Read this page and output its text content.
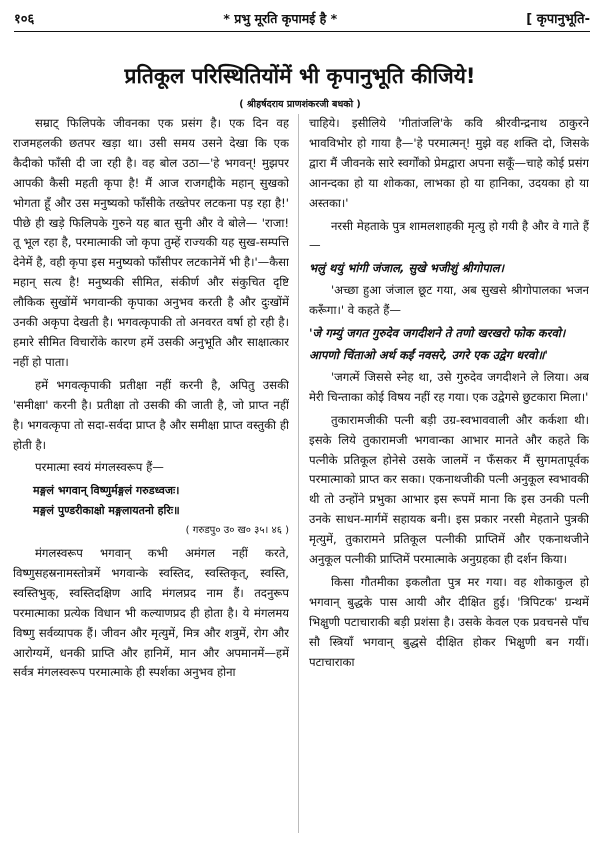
१०६	* प्रभु मूरति कृपामई है *	[ कृपानुभूति-
प्रतिकूल परिस्थितियोंमें भी कृपानुभूति कीजिये!
( श्रीहर्षदराय प्राणशंकरजी बधको )

सम्राट् फिलिपके जीवनका एक प्रसंग है। एक दिन वह राजमहलकी छतपर खड़ा था। उसी समय उसने देखा कि एक कैदीको फाँसी दी जा रही है। वह बोल उठा—'हे भगवन्! मुझपर आपकी कैसी महती कृपा है! मैं आज राजगद्दीके महान् सुखको भोगता हूँ और उस मनुष्यको फाँसीके तख्तेपर लटकना पड़ रहा है!' पीछे ही खड़े फिलिपके गुरुने यह बात सुनी और वे बोले— 'राजा! तू भूल रहा है, परमात्माकी जो कृपा तुम्हें राज्यकी यह सुख-सम्पत्ति देनेमें है, वही कृपा इस मनुष्यको फाँसीपर लटकानेमें भी है।'—कैसा महान् सत्य है! मनुष्यकी सीमित, संकीर्ण और संकुचित दृष्टि लौकिक सुखोंमें भगवान्की कृपाका अनुभव करती है और दुःखोंमें उनकी अकृपा देखती है। भगवत्कृपाकी तो अनवरत वर्षा हो रही है। हमारे सीमित विचारोंके कारण हमें उसकी अनुभूति और साक्षात्कार नहीं हो पाता।

हमें भगवत्कृपाकी प्रतीक्षा नहीं करनी है, अपितु उसकी 'समीक्षा' करनी है। प्रतीक्षा तो उसकी की जाती है, जो प्राप्त नहीं है। भगवत्कृपा तो सदा-सर्वदा प्राप्त है और समीक्षा प्राप्त वस्तुकी ही होती है।

परमात्मा स्वयं मंगलस्वरूप हैं—

मङ्गलं भगवान् विष्णुर्मङ्गलं गरुडध्वजः।

मङ्गलं पुण्डरीकाक्षो मङ्गलायतनो हरिः॥

( गरुडपु० उ० ख० ३५। ४६ )

मंगलस्वरूप भगवान् कभी अमंगल नहीं करते, विष्णुसहस्रनामस्तोत्रमें भगवान्के स्वस्तिद, स्वस्तिकृत्, स्वस्ति, स्वस्तिभुक्, स्वस्तिदक्षिण आदि मंगलप्रद नाम हैं। तदनुरूप परमात्माका प्रत्येक विधान भी कल्याणप्रद ही होता है। ये मंगलमय विष्णु सर्वव्यापक हैं। जीवन और मृत्युमें, मित्र और शत्रुमें, रोग और आरोग्यमें, धनकी प्राप्ति और हानिमें, मान और अपमानमें—हमें सर्वत्र मंगलस्वरूप परमात्माके ही स्पर्शका अनुभव होना

चाहिये। इसीलिये 'गीतांजलि'के कवि श्रीरवीन्द्रनाथ ठाकुरने भावविभोर हो गाया है—'हे परमात्मन्! मुझे वह शक्ति दो, जिसके द्वारा मैं जीवनके सारे स्वर्गोंको प्रेमद्वारा अपना सकूँ—चाहे कोई प्रसंग आनन्दका हो या शोकका, लाभका हो या हानिका, उदयका हो या अस्तका।'

नरसी मेहताके पुत्र शामलशाहकी मृत्यु हो गयी है और वे गाते हैं—

भलुं थयुं भांगी जंजाल, सुखे भजीशुं श्रीगोपाल।

'अच्छा हुआ जंजाल छूट गया, अब सुखसे श्रीगोपालका भजन करूँगा।' वे कहते हैं—

'जे गम्युं जगत गुरुदेव जगदीशने ते तणो खरखरो फोक करवो।

आपणो चिंताओ अर्थ कईं नवसरे, उगरे एक उद्वेग धरवो॥'

'जगत्में जिससे स्नेह था, उसे गुरुदेव जगदीशने ले लिया। अब मेरी चिन्ताका कोई विषय नहीं रह गया। एक उद्वेगसे छुटकारा मिला।'

तुकारामजीकी पत्नी बड़ी उग्र-स्वभाववाली और कर्कशा थी। इसके लिये तुकारामजी भगवान्का आभार मानते और कहते कि पत्नीके प्रतिकूल होनेसे उसके जालमें न फँसकर मैं सुगमतापूर्वक परमात्माको प्राप्त कर सका। एकनाथजीकी पत्नी अनुकूल स्वभावकी थी तो उन्होंने प्रभुका आभार इस रूपमें माना कि इस उनकी पत्नी उनके साधन-मार्गमें सहायक बनी। इस प्रकार नरसी मेहताने पुत्रकी मृत्युमें, तुकारामने प्रतिकूल पत्नीकी प्राप्तिमें और एकनाथजीने अनुकूल पत्नीकी प्राप्तिमें परमात्माके अनुग्रहका ही दर्शन किया।

किसा गौतमीका इकलौता पुत्र मर गया। वह शोकाकुल हो भगवान् बुद्धके पास आयी और दीक्षित हुई। 'त्रिपिटक' ग्रन्थमें भिक्षुणी पटाचाराकी बड़ी प्रशंसा है। उसके केवल एक प्रवचनसे पाँच सौ स्त्रियाँ भगवान् बुद्धसे दीक्षित होकर भिक्षुणी बन गयीं। पटाचाराका
